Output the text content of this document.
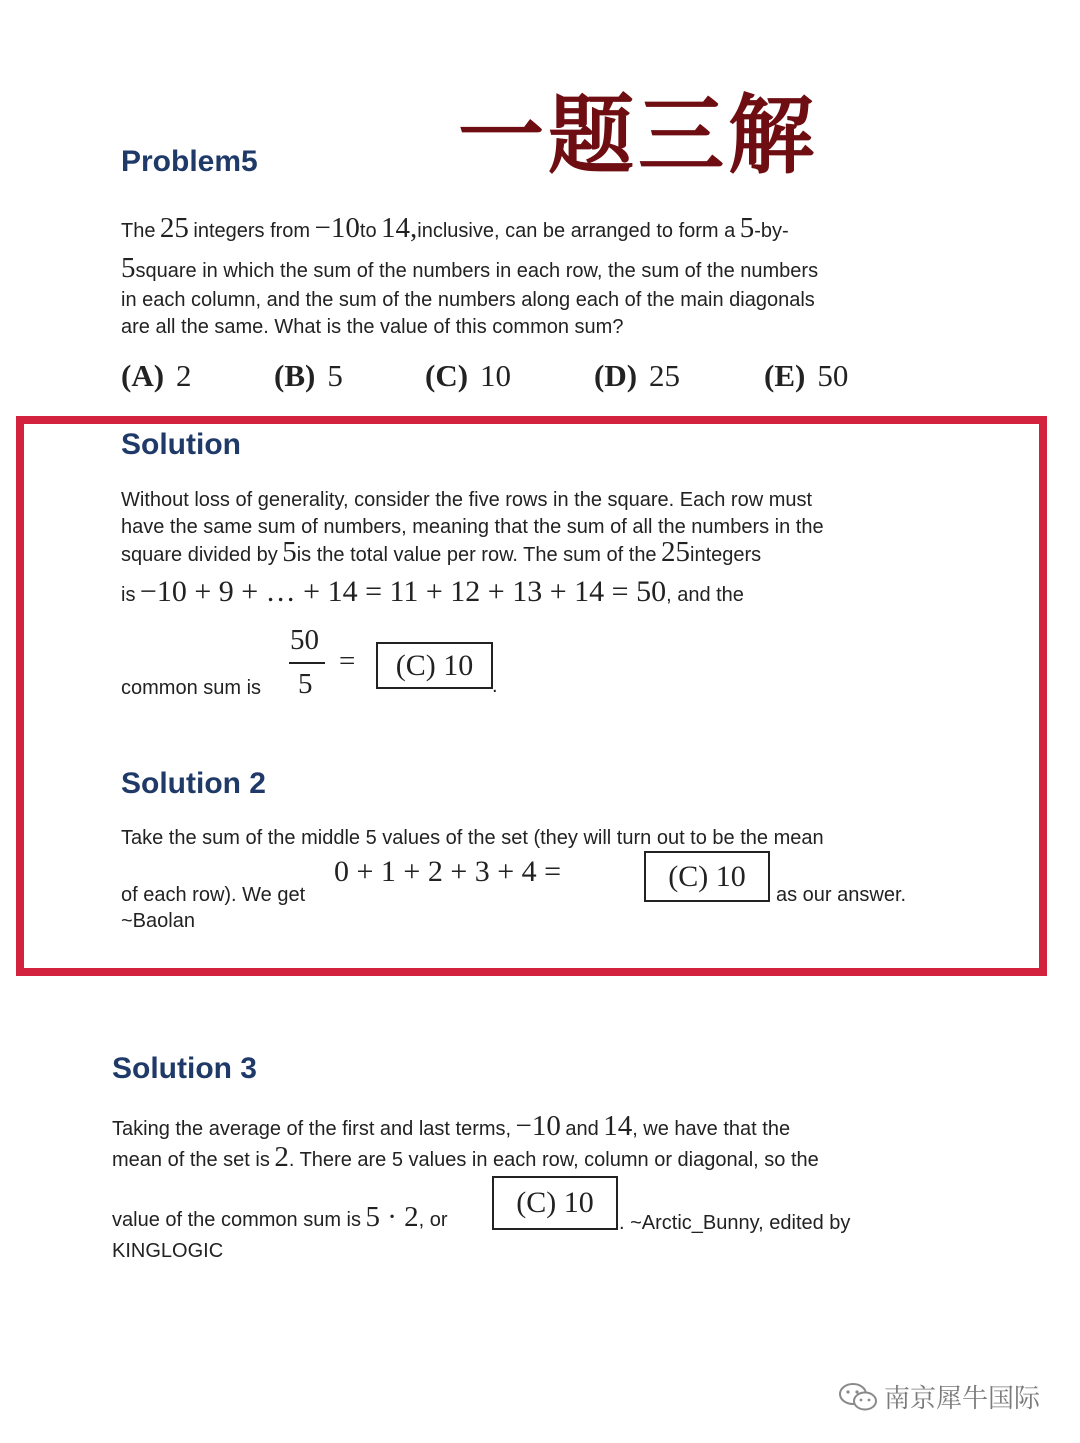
一题三解
Problem5
The 25 integers from −10to 14,inclusive, can be arranged to form a 5-by-
5square in which the sum of the numbers in each row, the sum of the numbers
in each column, and the sum of the numbers along each of the main diagonals
are all the same. What is the value of this common sum?
(A) 2	(B) 5	(C) 10	(D) 25	(E) 50
Solution
Without loss of generality, consider the five rows in the square. Each row must
have the same sum of numbers, meaning that the sum of all the numbers in the
square divided by 5is the total value per row. The sum of the 25integers
is −10 + 9 + … + 14 = 11 + 12 + 13 + 14 = 50, and the
common sum is
50
5
=	(C) 10
.
Solution 2
Take the sum of the middle 5 values of the set (they will turn out to be the mean
of each row). We get
0 + 1 + 2 + 3 + 4 =	(C) 10
as our answer.
~Baolan
Solution 3
Taking the average of the first and last terms, −10 and 14, we have that the
mean of the set is 2. There are 5 values in each row, column or diagonal, so the
value of the common sum is 5 · 2, or
(C) 10
. ~Arctic_Bunny, edited by
KINGLOGIC
南京犀牛国际
